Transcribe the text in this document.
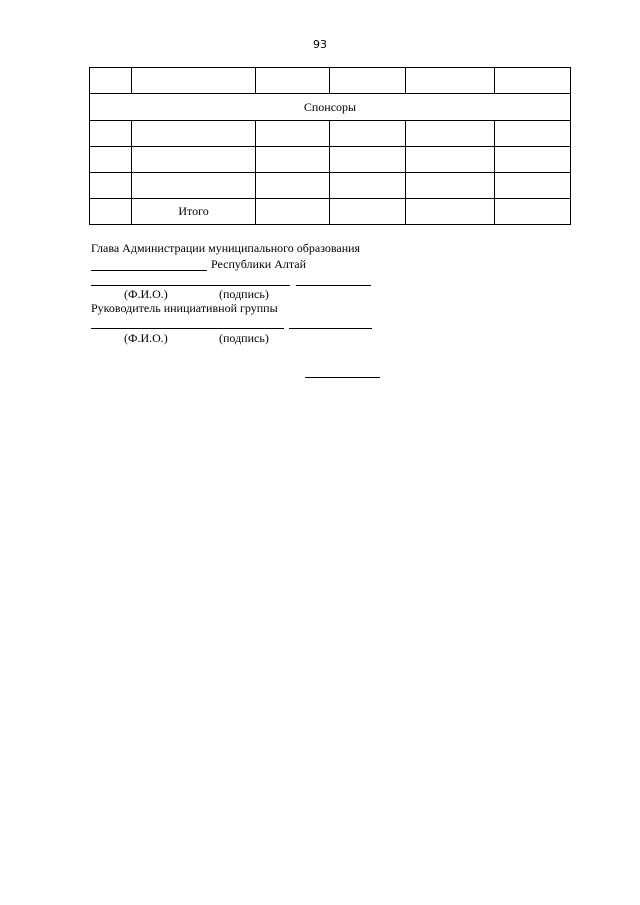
93

Спонсоры					

	Итого				
Глава Администрации муниципального образования
Республики Алтай
(Ф.И.О.)	(подпись)
Руководитель инициативной группы
(Ф.И.О.)	(подпись)
